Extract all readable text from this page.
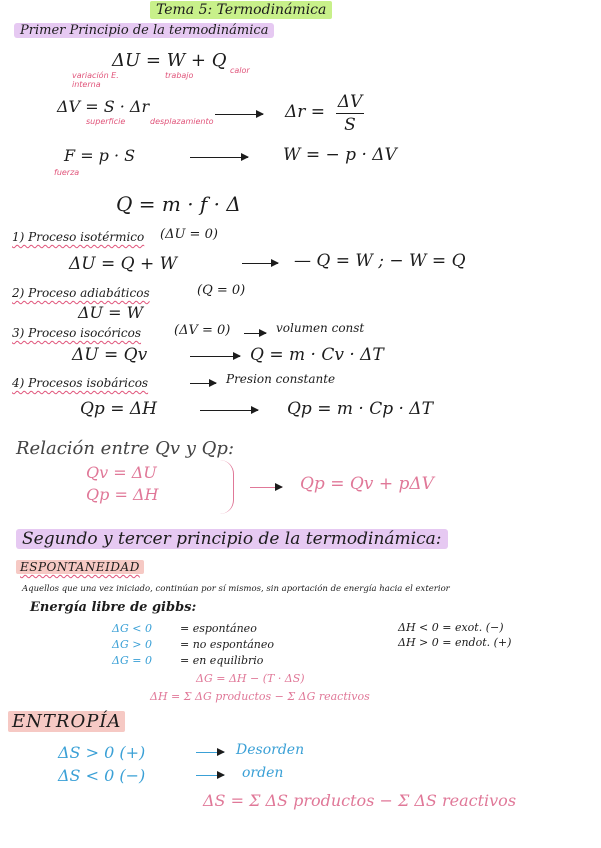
Tema 5: Termodinámica
Primer Principio de la termodinámica
ΔU = W + Q
variación E. interna
trabajo
calor
ΔV = S · Δr
superficie	desplazamiento	Δr = ΔV
S
F = p · S
fuerza
W = − p · ΔV
Q = m · f · Δ
1) Proceso isotérmico (ΔU = 0)
ΔU = Q + W	— Q = W ; − W = Q
2) Proceso adiabáticos	(Q = 0)
ΔU = W
3) Proceso isocóricos	(ΔV = 0)	volumen const
ΔU = Qv	Q = m · Cv · ΔT
4) Procesos isobáricos	Presion constante
Qp = ΔH	Qp = m · Cp · ΔT
Relación entre Qv y Qp:
Qv = ΔU
Qp = ΔH
Qp = Qv + pΔV
Segundo y tercer principio de la termodinámica:
ESPONTANEIDAD
Aquellos que una vez iniciado, continúan por sí mismos, sin aportación de energía hacia el exterior
Energía libre de gibbs:
ΔG < 0	= espontáneo
ΔG > 0	= no espontáneo
ΔG = 0	= en equilibrio
ΔH < 0 = exot. (−)
ΔH > 0 = endot. (+)
ΔG = ΔH − (T · ΔS)
ΔH = Σ ΔG productos − Σ ΔG reactivos
ENTROPÍA
ΔS > 0 (+)	Desorden
ΔS < 0 (−)	orden
ΔS = Σ ΔS productos − Σ ΔS reactivos
